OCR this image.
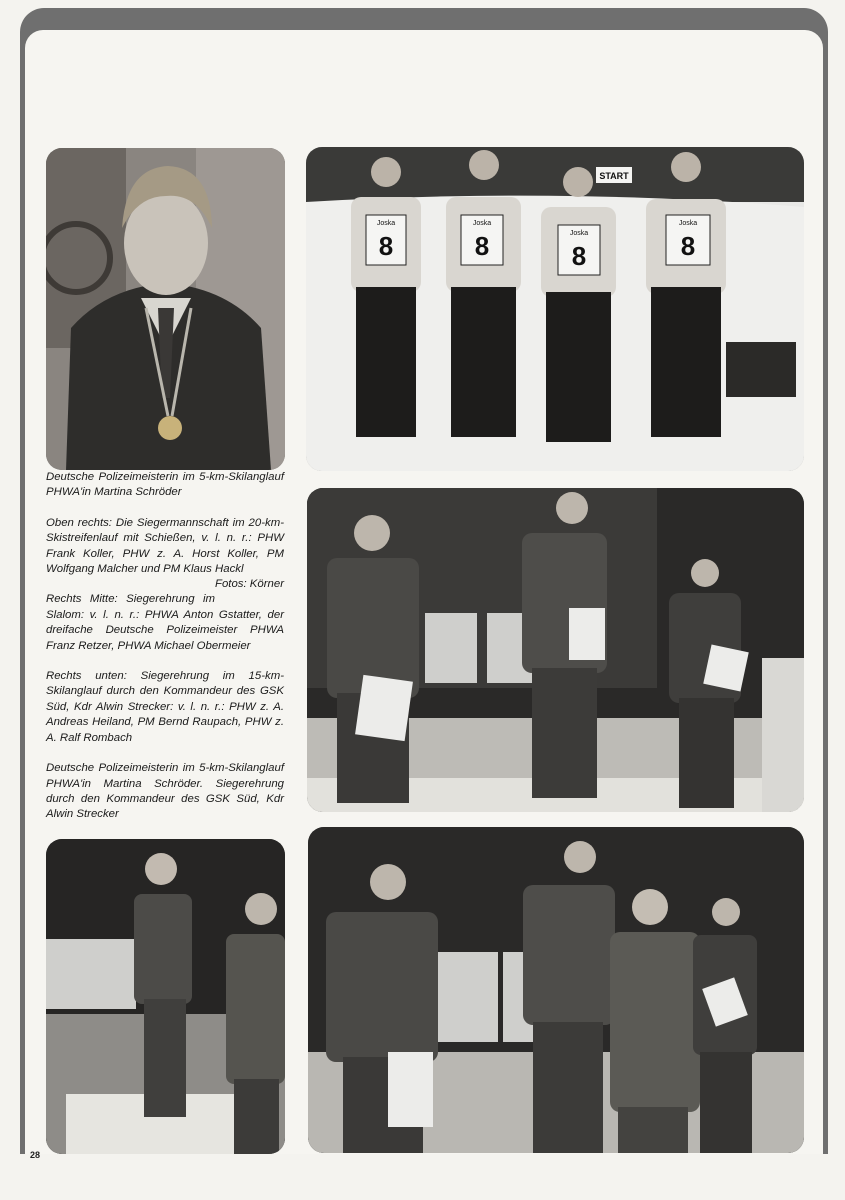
START
8
Joska
8
Joska
8
Joska	8
Joska

Deutsche Polizeimeisterin im 5-km-Skilanglauf PHWA'in Martina Schröder

Oben rechts: Die Siegermannschaft im 20-km-Skistreifenlauf mit Schießen, v. l. n. r.: PHW Frank Koller, PHW z. A. Horst Koller, PM Wolfgang Malcher und PM Klaus Hackl
Fotos: Körner

Rechts Mitte: Siegerehrung im Slalom: v. l. n. r.: PHWA Anton Gstatter, der dreifache Deutsche Polizeimeister PHWA Franz Retzer, PHWA Michael Obermeier

Rechts unten: Siegerehrung im 15-km-Skilanglauf durch den Kommandeur des GSK Süd, Kdr Alwin Strecker: v. l. n. r.: PHW z. A. Andreas Heiland, PM Bernd Raupach, PHW z. A. Ralf Rombach

Deutsche Polizeimeisterin im 5-km-Skilanglauf PHWA'in Martina Schröder. Siegerehrung durch den Kommandeur des GSK Süd, Kdr Alwin Strecker

28
